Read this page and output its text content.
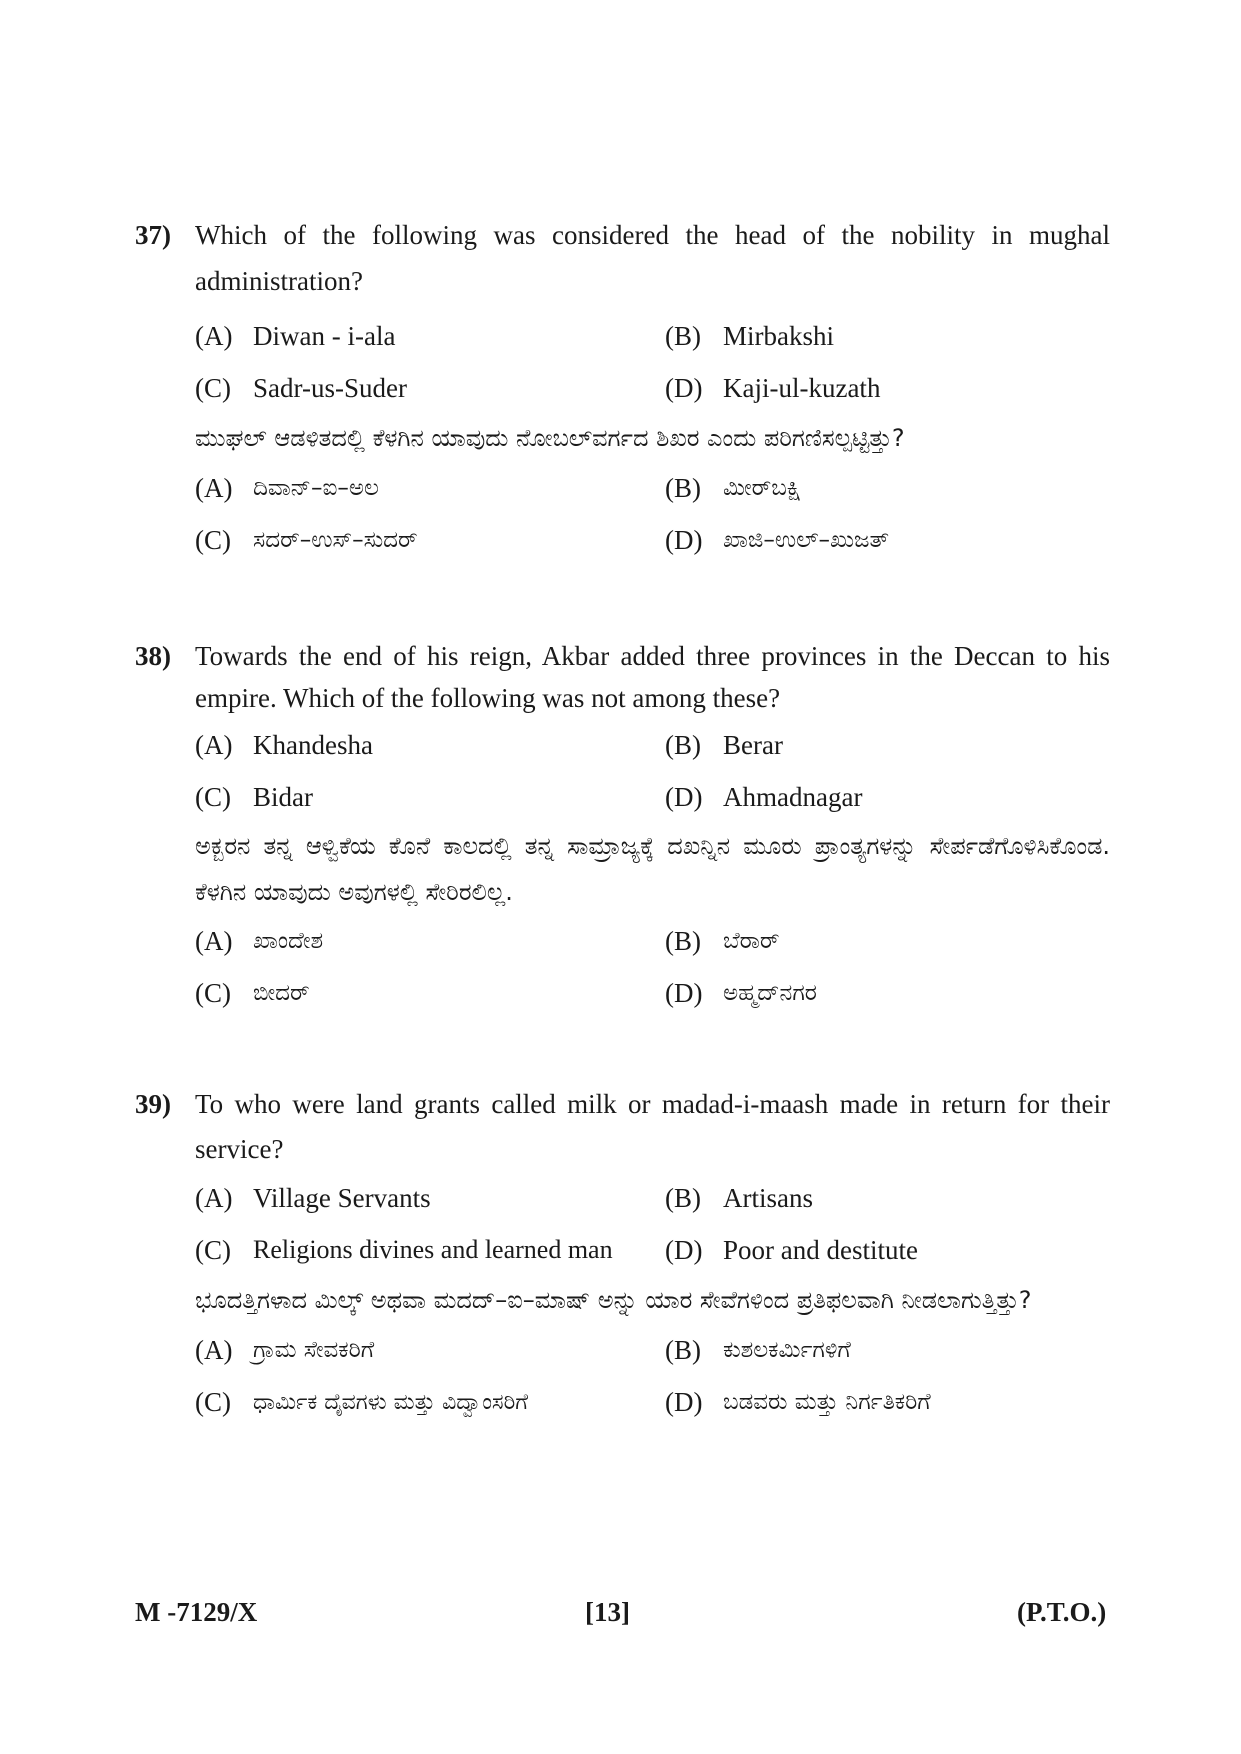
37) Which of the following was considered the head of the nobility in mughal administration?
(A) Diwan - i-ala	(B) Mirbakshi
(C) Sadr-us-Suder	(D) Kaji-ul-kuzath
ಮುಘಲ್ ಆಡಳಿತದಲ್ಲಿ ಕೆಳಗಿನ ಯಾವುದು ನೋಬಲ್‌ವರ್ಗದ ಶಿಖರ ಎಂದು ಪರಿಗಣಿಸಲ್ಪಟ್ಟಿತ್ತು?
(A) ದಿವಾನ್–ಐ–ಅಲ	(B) ಮೀರ್‌ಬಕ್ಷಿ
(C) ಸದರ್–ಉಸ್–ಸುದರ್	(D) ಖಾಜಿ–ಉಲ್–ಖುಜತ್
38) Towards the end of his reign, Akbar added three provinces in the Deccan to his empire. Which of the following was not among these?
(A) Khandesha	(B) Berar
(C) Bidar	(D) Ahmadnagar
ಅಕ್ಬರನ ತನ್ನ ಆಳ್ವಿಕೆಯ ಕೊನೆ ಕಾಲದಲ್ಲಿ ತನ್ನ ಸಾಮ್ರಾಜ್ಯಕ್ಕೆ ದಖನ್ನಿನ ಮೂರು ಪ್ರಾಂತ್ಯಗಳನ್ನು ಸೇರ್ಪಡೆಗೊಳಿಸಿಕೊಂಡ. ಕೆಳಗಿನ ಯಾವುದು ಅವುಗಳಲ್ಲಿ ಸೇರಿರಲಿಲ್ಲ.
(A) ಖಾಂದೇಶ	(B) ಬೆರಾರ್
(C) ಬೀದರ್	(D) ಅಹ್ಮದ್‌ನಗರ
39) To who were land grants called milk or madad-i-maash made in return for their service?
(A) Village Servants	(B) Artisans
(C) Religions divines and learned man (D) Poor and destitute
ಭೂದತ್ತಿಗಳಾದ ಮಿಲ್ಕ್ ಅಥವಾ ಮದದ್–ಐ–ಮಾಷ್ ಅನ್ನು ಯಾರ ಸೇವೆಗಳಿಂದ ಪ್ರತಿಫಲವಾಗಿ ನೀಡಲಾಗುತ್ತಿತ್ತು?
(A) ಗ್ರಾಮ ಸೇವಕರಿಗೆ	(B) ಕುಶಲಕರ್ಮಿಗಳಿಗೆ
(C)	ಧಾರ್ಮಿಕ ದೈವಗಳು ಮತ್ತು ವಿದ್ವಾಂಸರಿಗೆ	(D) ಬಡವರು ಮತ್ತು ನಿರ್ಗತಿಕರಿಗೆ
M -7129/X	[13]	(P.T.O.)
